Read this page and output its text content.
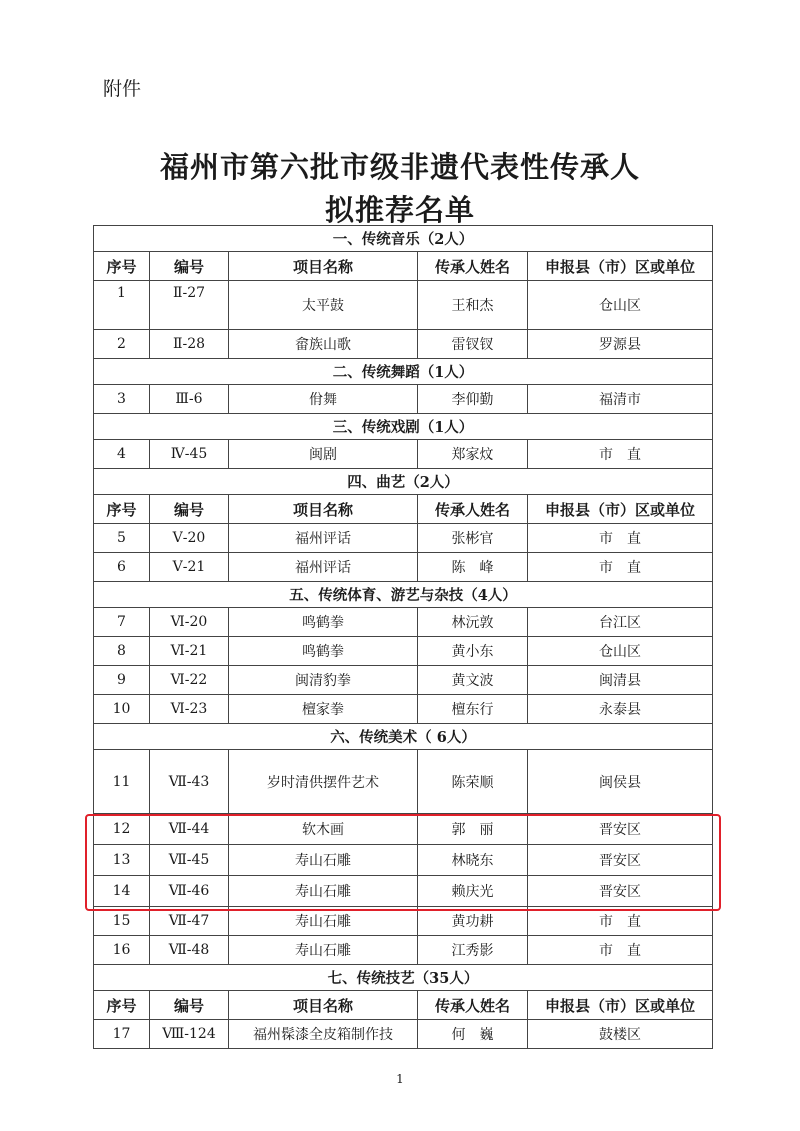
附件
福州市第六批市级非遗代表性传承人
拟推荐名单
一、传统音乐（2人）				
序号	编号	项目名称	传承人姓名	申报县（市）区或单位
1	Ⅱ-27	太平鼓	王和杰	仓山区
2	Ⅱ-28	畲族山歌	雷钗钗	罗源县
二、传统舞蹈（1人）				
3	Ⅲ-6	佾舞	李仰勤	福清市
三、传统戏剧（1人）				
4	Ⅳ-45	闽剧	郑家炆	市　直
四、曲艺（2人）				
序号	编号	项目名称	传承人姓名	申报县（市）区或单位
5	Ⅴ-20	福州评话	张彬官	市　直
6	Ⅴ-21	福州评话	陈　峰	市　直
五、传统体育、游艺与杂技（4人）				
7	Ⅵ-20	鸣鹤拳	林沅敦	台江区
8	Ⅵ-21	鸣鹤拳	黄小东	仓山区
9	Ⅵ-22	闽清豹拳	黄文波	闽清县
10	Ⅵ-23	檀家拳	檀东行	永泰县
六、传统美术（ 6人）				
11	Ⅶ-43	岁时清供摆件艺术	陈荣顺	闽侯县
12	Ⅶ-44	软木画	郭　丽	晋安区
13	Ⅶ-45	寿山石雕	林晓东	晋安区
14	Ⅶ-46	寿山石雕	赖庆光	晋安区
15	Ⅶ-47	寿山石雕	黄功耕	市　直
16	Ⅶ-48	寿山石雕	江秀影	市　直
七、传统技艺（35人）				
序号	编号	项目名称	传承人姓名	申报县（市）区或单位
17	Ⅷ-124	福州髹漆全皮箱制作技	何　巍	鼓楼区
1
